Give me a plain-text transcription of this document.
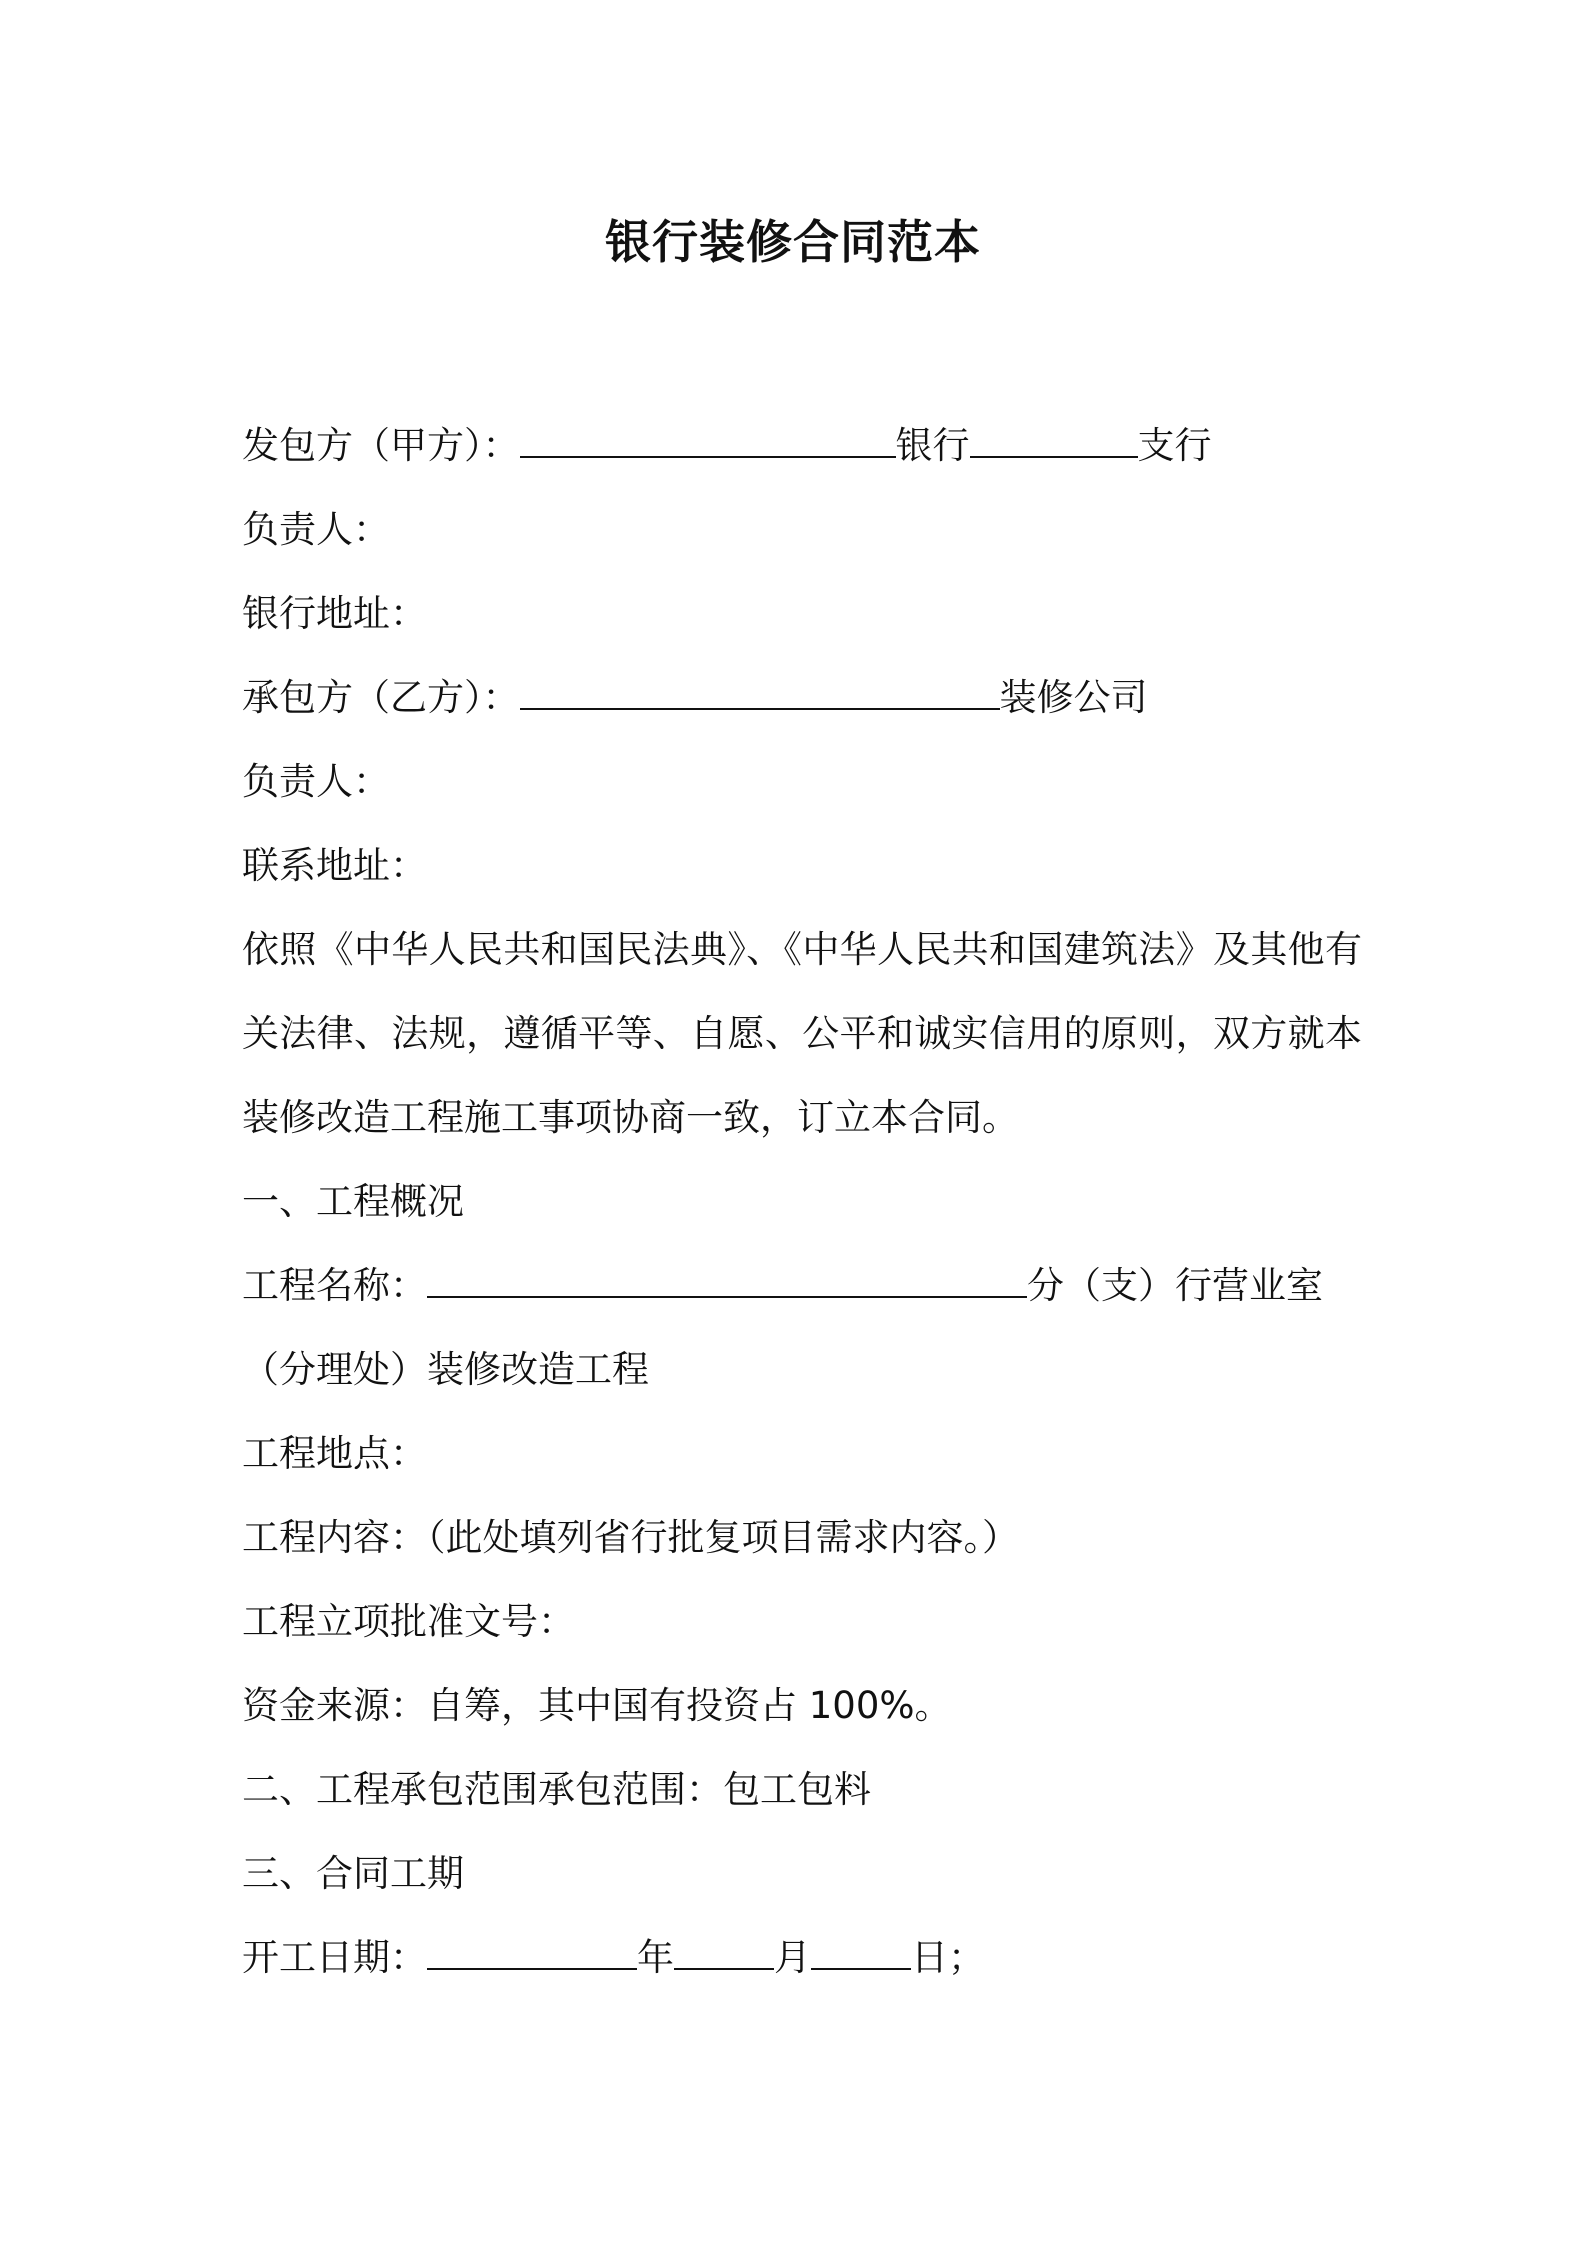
银行装修合同范本
发包方（甲方）：	银行	支行
负责人：
银行地址：
承包方（乙方）：	装修公司
负责人：
联系地址：
依照《中华人民共和国民法典》、《中华人民共和国建筑法》及其他有关法律、法规，遵循平等、自愿、公平和诚实信用的原则，双方就本装修改造工程施工事项协商一致，订立本合同。
一、工程概况
工程名称：	分（支）行营业室
（分理处）装修改造工程
工程地点：
工程内容：（此处填列省行批复项目需求内容。）
工程立项批准文号：
资金来源：自筹，其中国有投资占 100%。
二、工程承包范围承包范围：包工包料
三、合同工期
开工日期：	年	月	日；
